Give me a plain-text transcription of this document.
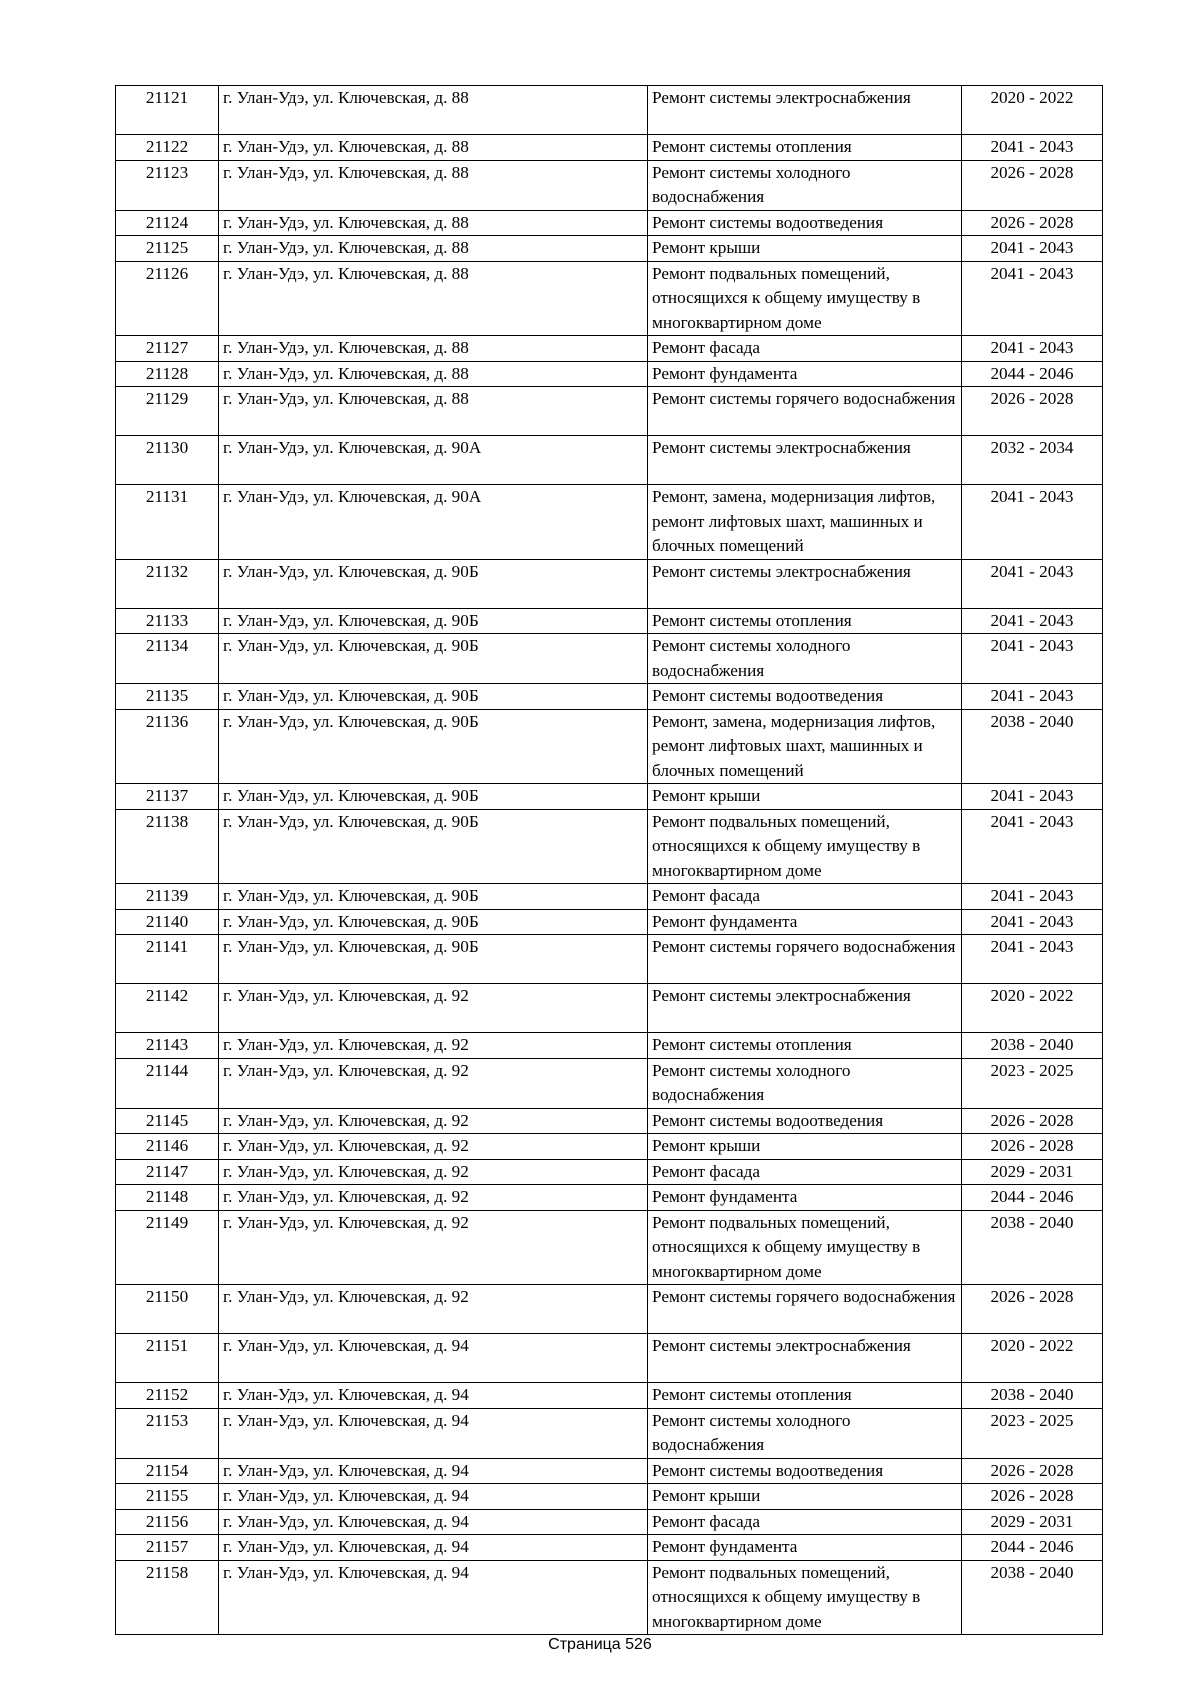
21121	г. Улан-Удэ, ул. Ключевская, д. 88	Ремонт системы электроснабжения	2020 - 2022
21122	г. Улан-Удэ, ул. Ключевская, д. 88	Ремонт системы отопления	2041 - 2043
21123	г. Улан-Удэ, ул. Ключевская, д. 88	Ремонт системы холодного водоснабжения	2026 - 2028
21124	г. Улан-Удэ, ул. Ключевская, д. 88	Ремонт системы водоотведения	2026 - 2028
21125	г. Улан-Удэ, ул. Ключевская, д. 88	Ремонт крыши	2041 - 2043
21126	г. Улан-Удэ, ул. Ключевская, д. 88	Ремонт подвальных помещений, относящихся к общему имуществу в многоквартирном доме	2041 - 2043
21127	г. Улан-Удэ, ул. Ключевская, д. 88	Ремонт фасада	2041 - 2043
21128	г. Улан-Удэ, ул. Ключевская, д. 88	Ремонт фундамента	2044 - 2046
21129	г. Улан-Удэ, ул. Ключевская, д. 88	Ремонт системы горячего водоснабжения	2026 - 2028
21130	г. Улан-Удэ, ул. Ключевская, д. 90А	Ремонт системы электроснабжения	2032 - 2034
21131	г. Улан-Удэ, ул. Ключевская, д. 90А	Ремонт, замена, модернизация лифтов, ремонт лифтовых шахт, машинных и блочных помещений	2041 - 2043
21132	г. Улан-Удэ, ул. Ключевская, д. 90Б	Ремонт системы электроснабжения	2041 - 2043
21133	г. Улан-Удэ, ул. Ключевская, д. 90Б	Ремонт системы отопления	2041 - 2043
21134	г. Улан-Удэ, ул. Ключевская, д. 90Б	Ремонт системы холодного водоснабжения	2041 - 2043
21135	г. Улан-Удэ, ул. Ключевская, д. 90Б	Ремонт системы водоотведения	2041 - 2043
21136	г. Улан-Удэ, ул. Ключевская, д. 90Б	Ремонт, замена, модернизация лифтов, ремонт лифтовых шахт, машинных и блочных помещений	2038 - 2040
21137	г. Улан-Удэ, ул. Ключевская, д. 90Б	Ремонт крыши	2041 - 2043
21138	г. Улан-Удэ, ул. Ключевская, д. 90Б	Ремонт подвальных помещений, относящихся к общему имуществу в многоквартирном доме	2041 - 2043
21139	г. Улан-Удэ, ул. Ключевская, д. 90Б	Ремонт фасада	2041 - 2043
21140	г. Улан-Удэ, ул. Ключевская, д. 90Б	Ремонт фундамента	2041 - 2043
21141	г. Улан-Удэ, ул. Ключевская, д. 90Б	Ремонт системы горячего водоснабжения	2041 - 2043
21142	г. Улан-Удэ, ул. Ключевская, д. 92	Ремонт системы электроснабжения	2020 - 2022
21143	г. Улан-Удэ, ул. Ключевская, д. 92	Ремонт системы отопления	2038 - 2040
21144	г. Улан-Удэ, ул. Ключевская, д. 92	Ремонт системы холодного водоснабжения	2023 - 2025
21145	г. Улан-Удэ, ул. Ключевская, д. 92	Ремонт системы водоотведения	2026 - 2028
21146	г. Улан-Удэ, ул. Ключевская, д. 92	Ремонт крыши	2026 - 2028
21147	г. Улан-Удэ, ул. Ключевская, д. 92	Ремонт фасада	2029 - 2031
21148	г. Улан-Удэ, ул. Ключевская, д. 92	Ремонт фундамента	2044 - 2046
21149	г. Улан-Удэ, ул. Ключевская, д. 92	Ремонт подвальных помещений, относящихся к общему имуществу в многоквартирном доме	2038 - 2040
21150	г. Улан-Удэ, ул. Ключевская, д. 92	Ремонт системы горячего водоснабжения	2026 - 2028
21151	г. Улан-Удэ, ул. Ключевская, д. 94	Ремонт системы электроснабжения	2020 - 2022
21152	г. Улан-Удэ, ул. Ключевская, д. 94	Ремонт системы отопления	2038 - 2040
21153	г. Улан-Удэ, ул. Ключевская, д. 94	Ремонт системы холодного водоснабжения	2023 - 2025
21154	г. Улан-Удэ, ул. Ключевская, д. 94	Ремонт системы водоотведения	2026 - 2028
21155	г. Улан-Удэ, ул. Ключевская, д. 94	Ремонт крыши	2026 - 2028
21156	г. Улан-Удэ, ул. Ключевская, д. 94	Ремонт фасада	2029 - 2031
21157	г. Улан-Удэ, ул. Ключевская, д. 94	Ремонт фундамента	2044 - 2046
21158	г. Улан-Удэ, ул. Ключевская, д. 94	Ремонт подвальных помещений, относящихся к общему имуществу в многоквартирном доме	2038 - 2040
Страница 526
